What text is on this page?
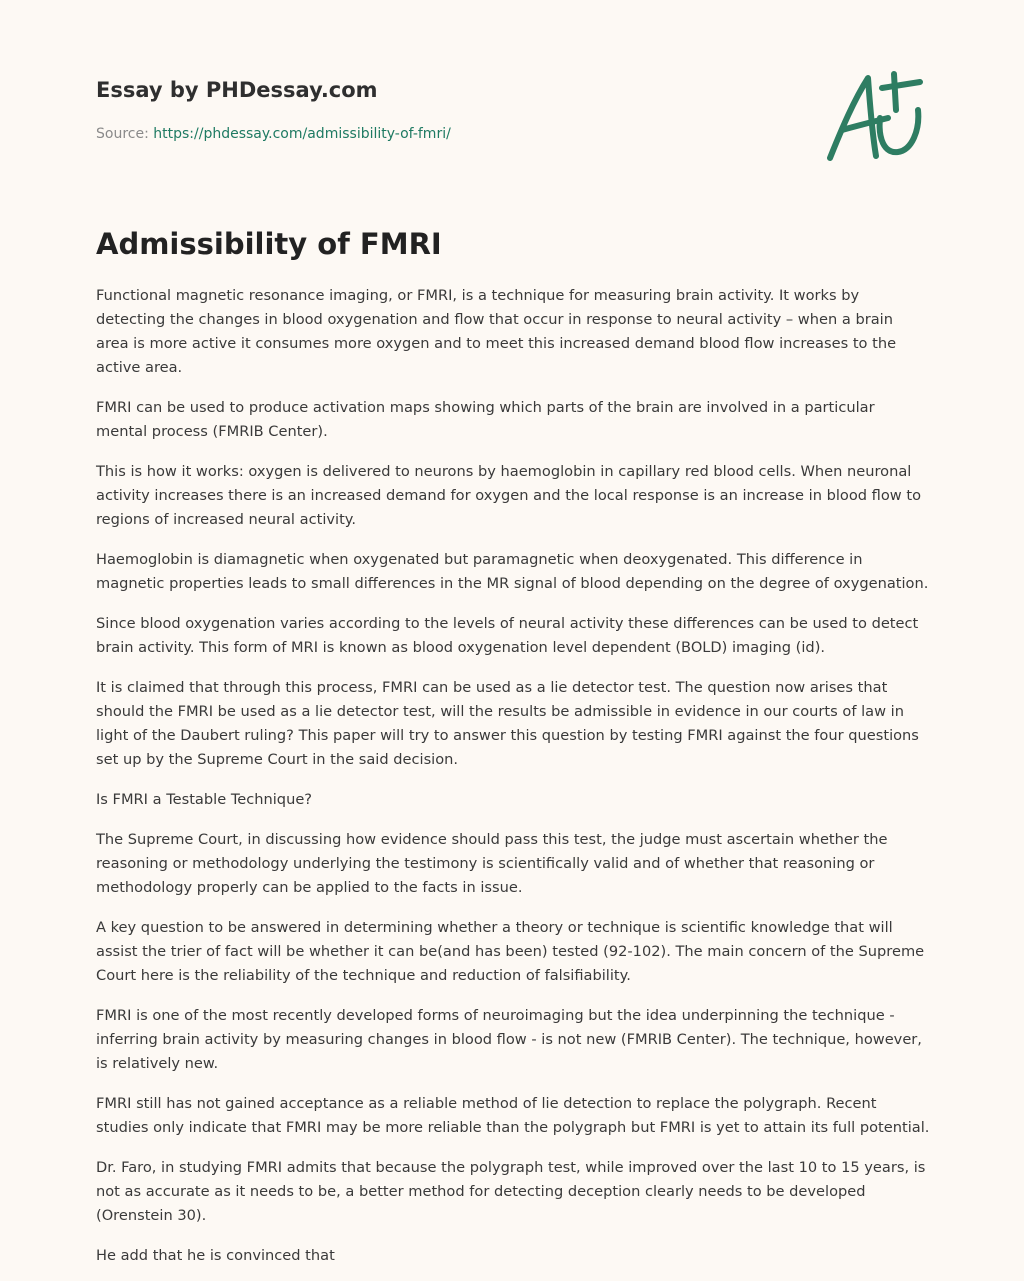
Essay by PHDessay.com
Source: https://phdessay.com/admissibility-of-fmri/
Admissibility of FMRI

Functional magnetic resonance imaging, or FMRI, is a technique for measuring brain activity. It works by detecting the changes in blood oxygenation and flow that occur in response to neural activity – when a brain area is more active it consumes more oxygen and to meet this increased demand blood flow increases to the active area.

FMRI can be used to produce activation maps showing which parts of the brain are involved in a particular mental process (FMRIB Center).

This is how it works: oxygen is delivered to neurons by haemoglobin in capillary red blood cells. When neuronal activity increases there is an increased demand for oxygen and the local response is an increase in blood flow to regions of increased neural activity.

Haemoglobin is diamagnetic when oxygenated but paramagnetic when deoxygenated. This difference in magnetic properties leads to small differences in the MR signal of blood depending on the degree of oxygenation.

Since blood oxygenation varies according to the levels of neural activity these differences can be used to detect brain activity. This form of MRI is known as blood oxygenation level dependent (BOLD) imaging (id).

It is claimed that through this process, FMRI can be used as a lie detector test. The question now arises that should the FMRI be used as a lie detector test, will the results be admissible in evidence in our courts of law in light of the Daubert ruling? This paper will try to answer this question by testing FMRI against the four questions set up by the Supreme Court in the said decision.

Is FMRI a Testable Technique?

The Supreme Court, in discussing how evidence should pass this test, the judge must ascertain whether the reasoning or methodology underlying the testimony is scientifically valid and of whether that reasoning or methodology properly can be applied to the facts in issue.

A key question to be answered in determining whether a theory or technique is scientific knowledge that will assist the trier of fact will be whether it can be(and has been) tested (92-102). The main concern of the Supreme Court here is the reliability of the technique and reduction of falsifiability.

FMRI is one of the most recently developed forms of neuroimaging but the idea underpinning the technique - inferring brain activity by measuring changes in blood flow - is not new (FMRIB Center). The technique, however, is relatively new.

FMRI still has not gained acceptance as a reliable method of lie detection to replace the polygraph. Recent studies only indicate that FMRI may be more reliable than the polygraph but FMRI is yet to attain its full potential.

Dr. Faro, in studying FMRI admits that because the polygraph test, while improved over the last 10 to 15 years, is not as accurate as it needs to be, a better method for detecting deception clearly needs to be developed (Orenstein 30).

He add that he is convinced that
